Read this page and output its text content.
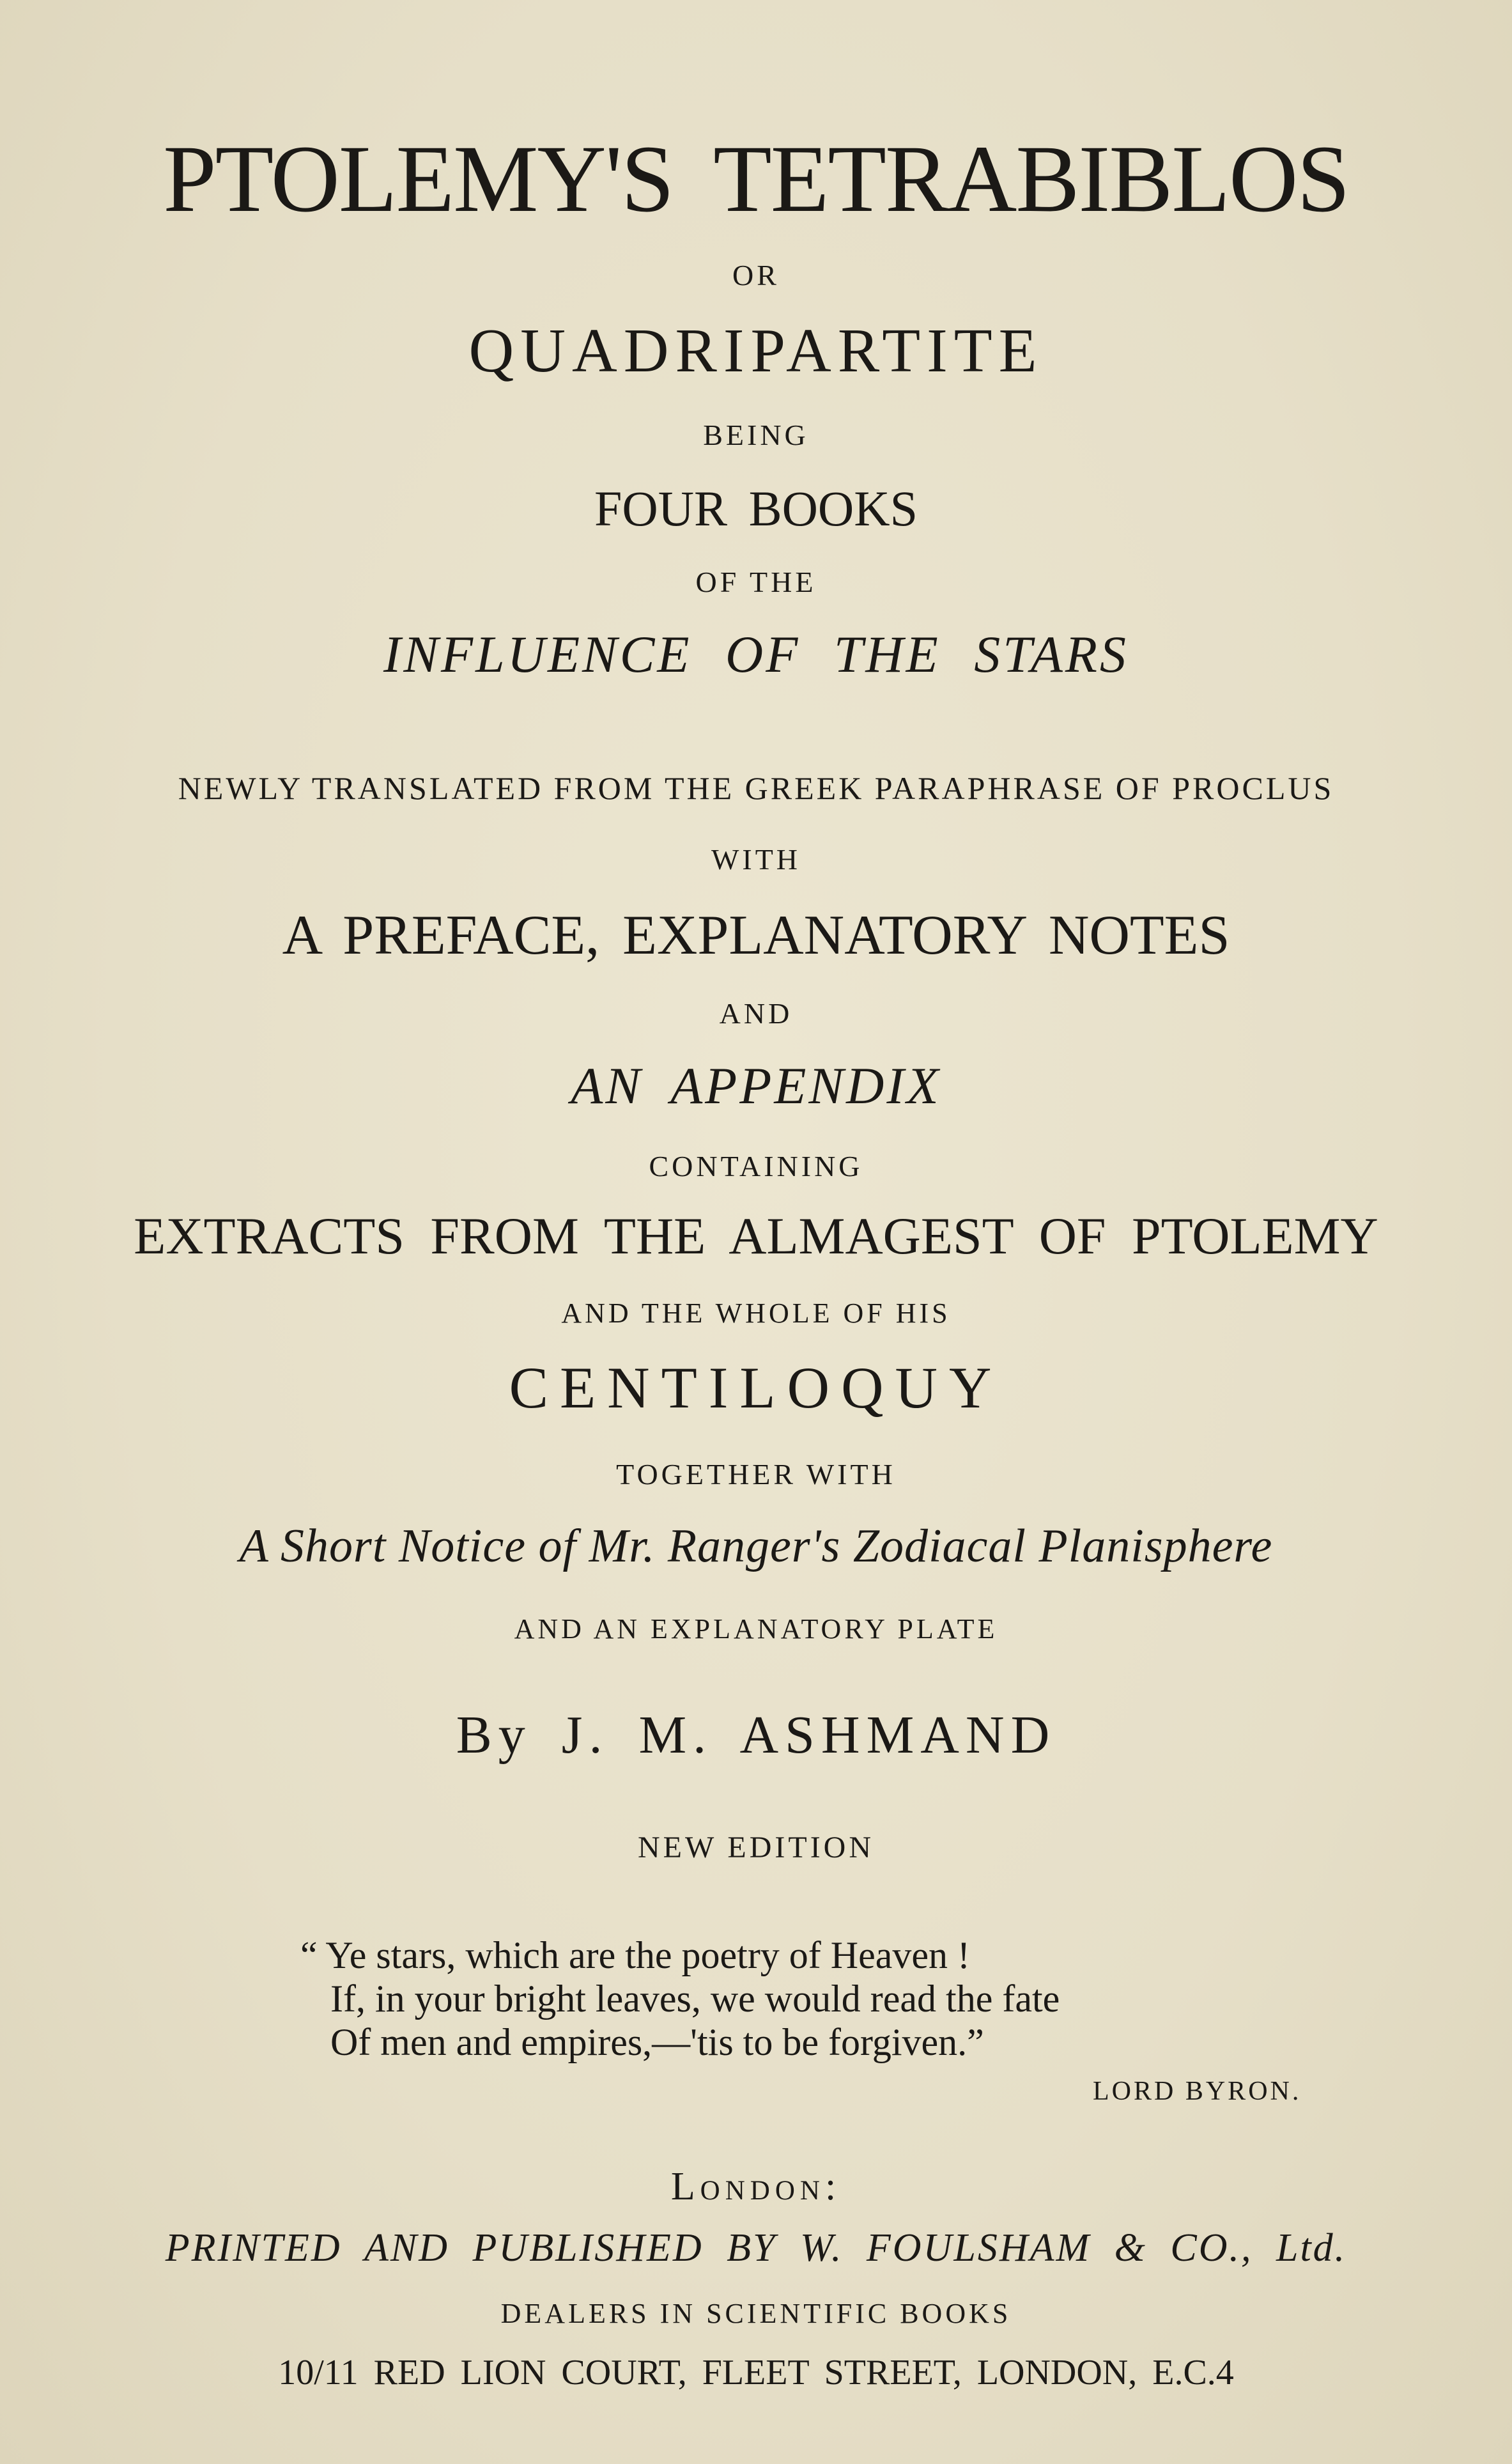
PTOLEMY'S TETRABIBLOS
OR
QUADRIPARTITE
BEING
FOUR BOOKS
OF THE
INFLUENCE OF THE STARS
NEWLY TRANSLATED FROM THE GREEK PARAPHRASE OF PROCLUS
WITH
A PREFACE, EXPLANATORY NOTES
AND
AN APPENDIX
CONTAINING
EXTRACTS FROM THE ALMAGEST OF PTOLEMY
AND THE WHOLE OF HIS
CENTILOQUY
TOGETHER WITH
A Short Notice of Mr. Ranger's Zodiacal Planisphere
AND AN EXPLANATORY PLATE
By J. M. ASHMAND
NEW EDITION
“ Ye stars, which are the poetry of Heaven !
If, in your bright leaves, we would read the fate
Of men and empires,—'tis to be forgiven.”
LORD BYRON.
London:
PRINTED AND PUBLISHED BY W. FOULSHAM & CO., Ltd.
DEALERS IN SCIENTIFIC BOOKS
10/11 RED LION COURT, FLEET STREET, LONDON, E.C.4
